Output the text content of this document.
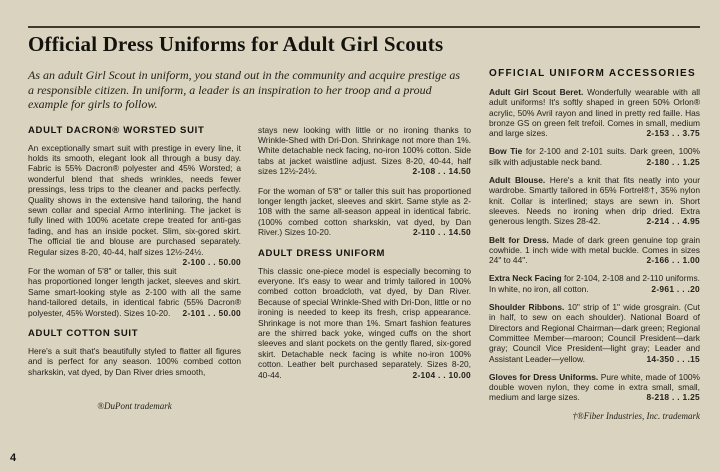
Official Dress Uniforms for Adult Girl Scouts

As an adult Girl Scout in uniform, you stand out in the community and acquire prestige as a responsible citizen. In uniform, a leader is an inspiration to her troop and a proud example for girls to follow.

ADULT DACRON® WORSTED SUIT

An exceptionally smart suit with prestige in every line, it holds its smooth, elegant look all through a busy day. Fabric is 55% Dacron® polyester and 45% Worsted; a wonderful blend that sheds wrinkles, needs fewer pressings, less trips to the cleaner and packs perfectly. Quality shows in the extensive hand tailoring, the hand sewn collar and special Armo interlining. The jacket is fully lined with 100% acetate crepe treated for anti-gas fading, and has an inside pocket. Slim, six-gored skirt. The official tie and blouse are purchased separately. Regular sizes 8-20, 40-44, half sizes 12½-24½.
2-100 . . 50.00

For the woman of 5'8" or taller, this suit has proportioned longer length jacket, sleeves and skirt. Same smart-looking style as 2-100 with all the same hand-tailored details, in identical fabric (55% Dacron® polyester, 45% Worsted). Sizes 10-20.	2-101 . . 50.00

ADULT COTTON SUIT

Here's a suit that's beautifully styled to flatter all figures and is perfect for any season. 100% combed cotton sharkskin, vat dyed, by Dan River dries smooth,

®DuPont trademark

stays new looking with little or no ironing thanks to Wrinkle-Shed with Dri-Don. Shrinkage not more than 1%. White detachable neck facing, no-iron 100% cotton. Side tabs at jacket waistline adjust. Sizes 8-20, 40-44, half sizes 12½-24½.	2-108 . . 14.50

For the woman of 5'8" or taller this suit has proportioned longer length jacket, sleeves and skirt. Same style as 2-108 with the same all-season appeal in identical fabric. (100% combed cotton sharkskin, vat dyed, by Dan River.) Sizes 10-20.	2-110 . . 14.50

ADULT DRESS UNIFORM

This classic one-piece model is especially becoming to everyone. It's easy to wear and trimly tailored in 100% combed cotton broadcloth, vat dyed, by Dan River. Because of special Wrinkle-Shed with Dri-Don, little or no ironing is needed to keep its fresh, crisp appearance. Shrinkage is not more than 1%. Smart fashion features are the shirred back yoke, winged cuffs on the short sleeves and slant pockets on the gently flared, six-gored skirt. Detachable neck facing is white no-iron 100% cotton. Leather belt purchased separately. Sizes 8-20, 40-44.	2-104 . . 10.00

OFFICIAL UNIFORM ACCESSORIES

Adult Girl Scout Beret. Wonderfully wearable with all adult uniforms! It's softly shaped in green 50% Orlon® acrylic, 50% Avril rayon and lined in pretty red faille. Has bronze GS on green felt trefoil. Comes in small, medium and large sizes.	2-153 . . 3.75

Bow Tie for 2-100 and 2-101 suits. Dark green, 100% silk with adjustable neck band.	2-180 . . 1.25

Adult Blouse. Here's a knit that fits neatly into your wardrobe. Smartly tailored in 65% Fortrel®†, 35% nylon knit. Collar is interlined; stays are sewn in. Short sleeves. Needs no ironing when drip dried. Extra generous length. Sizes 28-42.	2-214 . . 4.95

Belt for Dress. Made of dark green genuine top grain cowhide. 1 inch wide with metal buckle. Comes in sizes 24" to 44".	2-166 . . 1.00

Extra Neck Facing for 2-104, 2-108 and 2-110 uniforms. In white, no iron, all cotton.	2-961 . . .20

Shoulder Ribbons. 10" strip of 1" wide grosgrain. (Cut in half, to sew on each shoulder). National Board of Directors and Regional Chairman—dark green; Regional Committee Member—maroon; Council President—dark gray; Council Vice President—light gray; Leader and Assistant Leader—yellow.	14-350 . . .15

Gloves for Dress Uniforms. Pure white, made of 100% double woven nylon, they come in extra small, small, medium and large sizes.	8-218 . . 1.25

†®Fiber Industries, Inc. trademark
4
